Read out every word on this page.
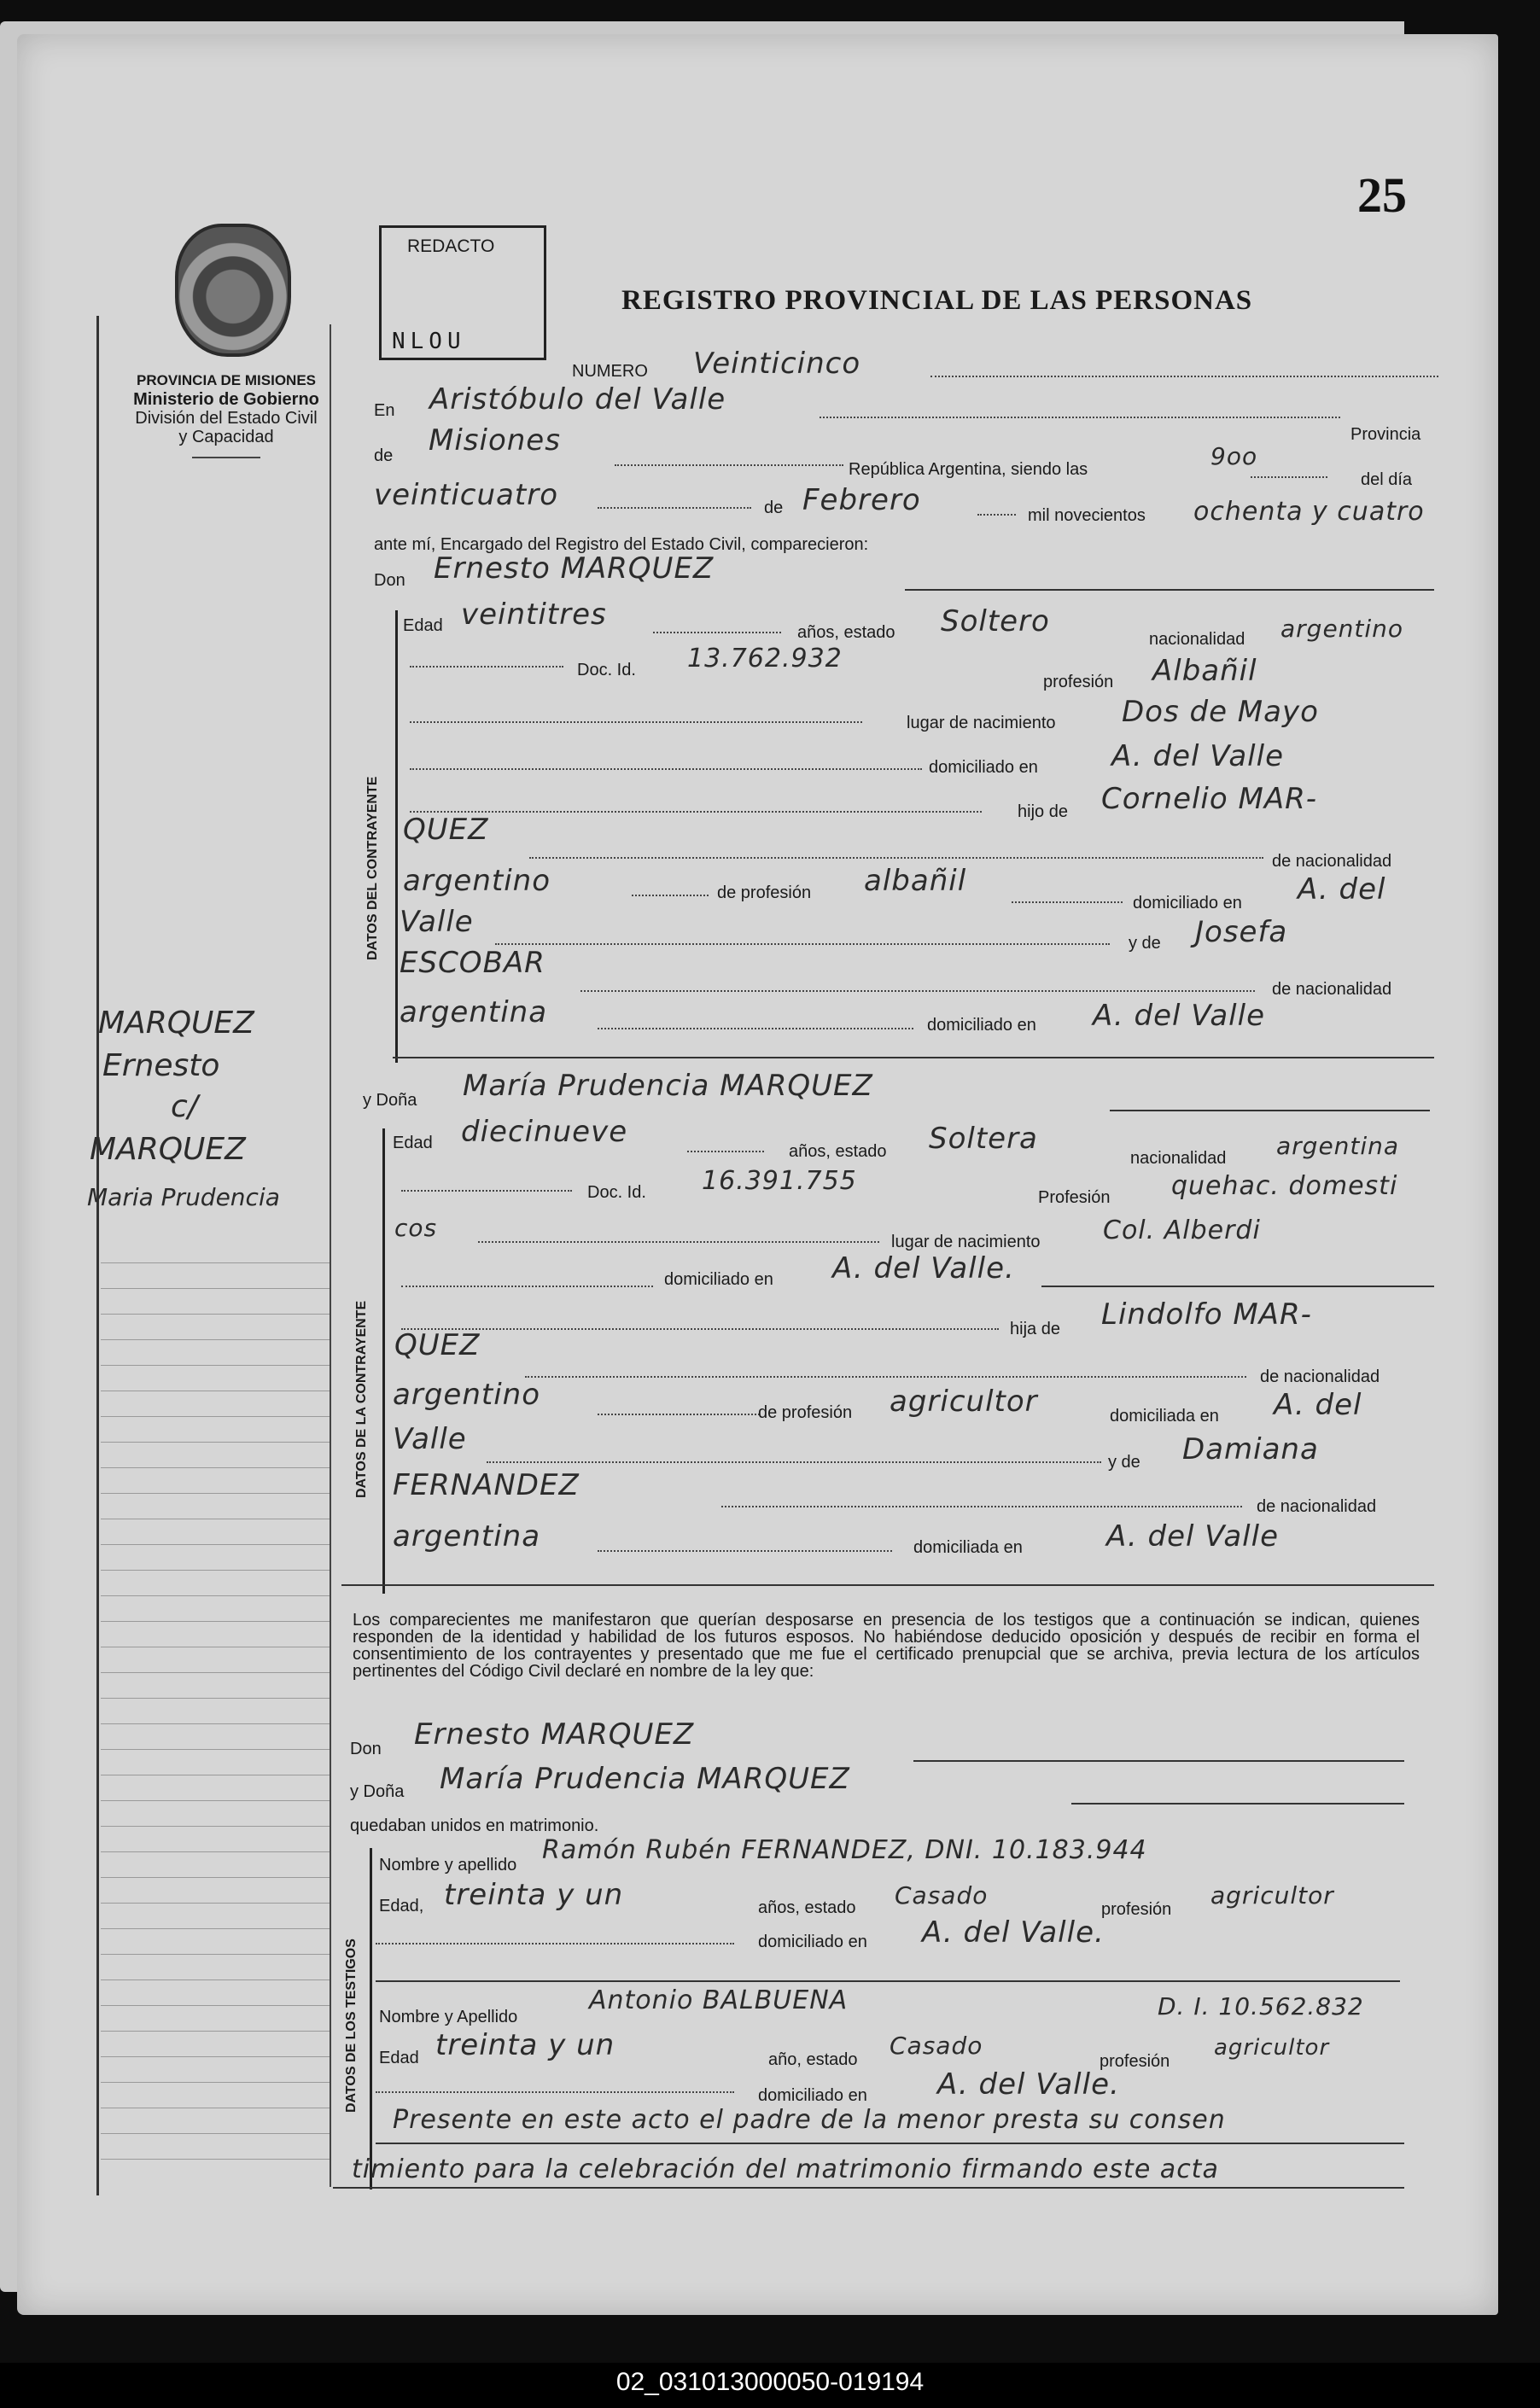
25
PROVINCIA DE MISIONES
Ministerio de Gobierno
División del Estado Civil
y Capacidad
REDACTO
NLOU
REGISTRO PROVINCIAL DE LAS PERSONAS
NUMERO Veinticinco
En Aristóbulo del Valle
Provincia
de Misiones
República Argentina, siendo las	9oo
del día
veinticuatro	de Febrero	mil novecientos ochenta y cuatro
ante mí, Encargado del Registro del Estado Civil, comparecieron:
Don Ernesto MARQUEZ
DATOS DEL CONTRAYENTE
Edad veintitres
años, estado Soltero
nacionalidad argentino
Doc. Id. 13.762.932
profesión Albañil
lugar de nacimiento Dos de Mayo
domiciliado en	A. del Valle
hijo de Cornelio MAR-
QUEZ
de nacionalidad
argentino	de profesión albañil
domiciliado en A. del
Valle
y de Josefa
ESCOBAR
de nacionalidad
argentina	domiciliado en A. del Valle
y Doña María Prudencia MARQUEZ
DATOS DE LA CONTRAYENTE
Edad diecinueve
años, estado Soltera
nacionalidad argentina
Doc. Id. 16.391.755
Profesión quehac. domesti
cos	lugar de nacimiento Col. Alberdi
domiciliado en A. del Valle.
hija de Lindolfo MAR-
QUEZ
de nacionalidad
argentino
de profesión agricultor	domiciliada en A. del
Valle
y de Damiana
FERNANDEZ
de nacionalidad
argentina	domiciliada en	A. del Valle
MARQUEZ
Ernesto
c/
MARQUEZ
Maria Prudencia
Los comparecientes me manifestaron que querían desposarse en presencia de los testigos que a continuación se indican, quienes responden de la identidad y habilidad de los futuros esposos. No habiéndose deducido oposición y después de recibir en forma el consentimiento de los contrayentes y presentado que me fue el certificado prenupcial que se archiva, previa lectura de los artículos pertinentes del Código Civil declaré en nombre de la ley que:
Don Ernesto MARQUEZ
y Doña María Prudencia MARQUEZ
quedaban unidos en matrimonio.
DATOS DE LOS TESTIGOS
Nombre y apellido Ramón Rubén FERNANDEZ, DNI. 10.183.944
Edad, treinta y un	años, estado Casado	profesión agricultor
domiciliado en A. del Valle.
Nombre y Apellido
Antonio BALBUENA	D. I. 10.562.832
Edad treinta y un	año, estado Casado
profesión
agricultor
domiciliado en A. del Valle.
Presente en este acto el padre de la menor presta su consen
timiento para la celebración del matrimonio firmando este acta
02_031013000050-019194
